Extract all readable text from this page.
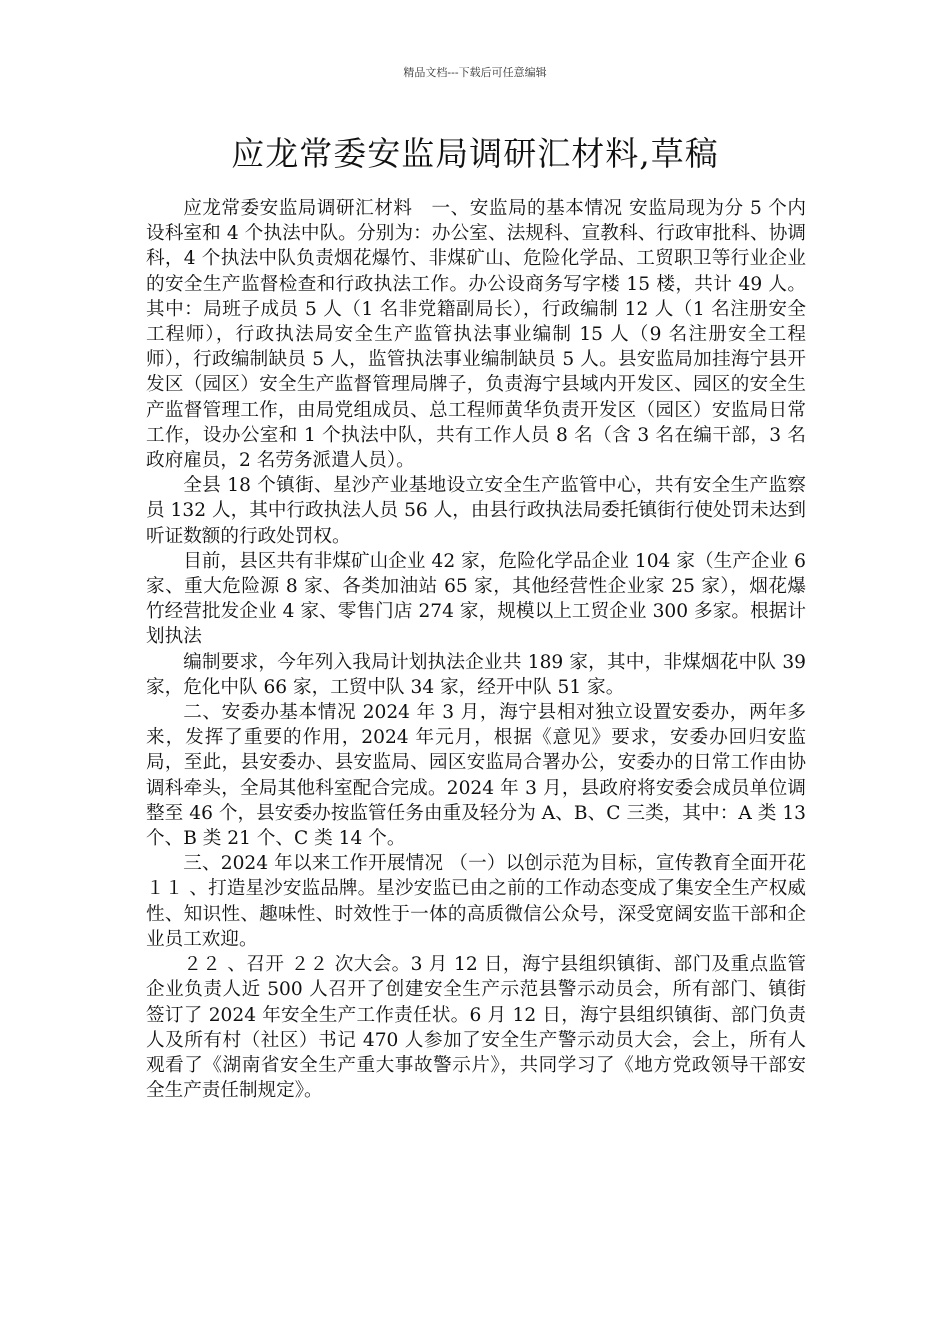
精品文档---下载后可任意编辑
应龙常委安监局调研汇材料,草稿

应龙常委安监局调研汇材料　一、安监局的基本情况 安监局现为分 5 个内设科室和 4 个执法中队。分别为：办公室、法规科、宣教科、行政审批科、协调科，4 个执法中队负责烟花爆竹、非煤矿山、危险化学品、工贸职卫等行业企业的安全生产监督检查和行政执法工作。办公设商务写字楼 15 楼，共计 49 人。其中：局班子成员 5 人（1 名非党籍副局长），行政编制 12 人（1 名注册安全工程师），行政执法局安全生产监管执法事业编制 15 人（9 名注册安全工程师），行政编制缺员 5 人，监管执法事业编制缺员 5 人。县安监局加挂海宁县开发区（园区）安全生产监督管理局牌子，负责海宁县域内开发区、园区的安全生产监督管理工作，由局党组成员、总工程师黄华负责开发区（园区）安监局日常工作，设办公室和 1 个执法中队，共有工作人员 8 名（含 3 名在编干部，3 名政府雇员，2 名劳务派遣人员）。

全县 18 个镇街、星沙产业基地设立安全生产监管中心，共有安全生产监察员 132 人，其中行政执法人员 56 人，由县行政执法局委托镇街行使处罚未达到听证数额的行政处罚权。

目前，县区共有非煤矿山企业 42 家，危险化学品企业 104 家（生产企业 6 家、重大危险源 8 家、各类加油站 65 家，其他经营性企业家 25 家），烟花爆竹经营批发企业 4 家、零售门店 274 家，规模以上工贸企业 300 多家。根据计划执法

编制要求，今年列入我局计划执法企业共 189 家，其中，非煤烟花中队 39 家，危化中队 66 家，工贸中队 34 家，经开中队 51 家。

二、安委办基本情况 2024 年 3 月，海宁县相对独立设置安委办，两年多来，发挥了重要的作用，2024 年元月，根据《意见》要求，安委办回归安监局，至此，县安委办、县安监局、园区安监局合署办公，安委办的日常工作由协调科牵头，全局其他科室配合完成。2024 年 3 月，县政府将安委会成员单位调整至 46 个，县安委办按监管任务由重及轻分为 A、B、C 三类，其中：A 类 13 个、B 类 21 个、C 类 14 个。

三、2024 年以来工作开展情况 （一）以创示范为目标，宣传教育全面开花 １１ 、打造星沙安监品牌。星沙安监已由之前的工作动态变成了集安全生产权威性、知识性、趣味性、时效性于一体的高质微信公众号，深受宽阔安监干部和企业员工欢迎。

２２ 、召开 ２２ 次大会。3 月 12 日，海宁县组织镇街、部门及重点监管企业负责人近 500 人召开了创建安全生产示范县警示动员会，所有部门、镇街签订了 2024 年安全生产工作责任状。6 月 12 日，海宁县组织镇街、部门负责人及所有村（社区）书记 470 人参加了安全生产警示动员大会，会上，所有人观看了《湖南省安全生产重大事故警示片》，共同学习了《地方党政领导干部安全生产责任制规定》。
